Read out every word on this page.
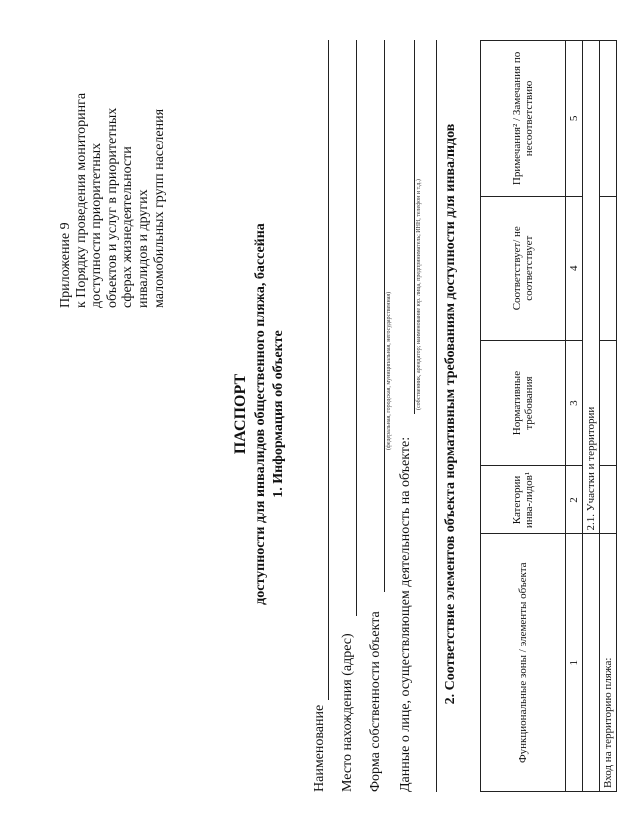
Приложение 9 к Порядку проведения мониторинга доступности приоритетных объектов и услуг в приоритетных сферах жизнедеятельности инвалидов и других маломобильных групп населения
ПАСПОРТ доступности для инвалидов общественного пляжа, бассейна 1. Информация об объекте
Наименование Место нахождения (адрес) Форма собственности объекта
(федеральная, городская, муниципальная, негосударственная)
Данные о лице, осуществляющем деятельность на объекте:
(собственник, арендатор; наименование юр. лица, предприниматель; ИНН, телефон и т.д.) 2. Соответствие элементов объекта нормативным требованиям доступности для инвалидов	Функциональные зоны / элементы объекта	Категории инва-лидов¹	Нормативные требования	Соответствует/ не соответствует	Примечания² / Замечания по несоответствию
1	2	3	4	5
	2.1. Участки и территории			
Вход на территорию пляжа:				
